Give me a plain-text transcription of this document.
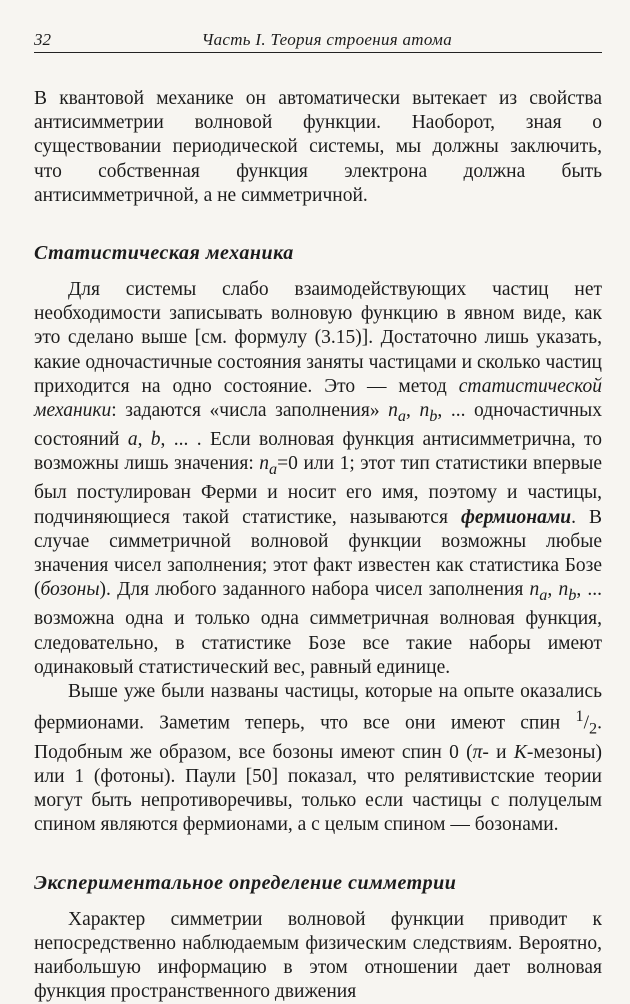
32	Часть I. Теория строения атома

В квантовой механике он автоматически вытекает из свойства антисимметрии волновой функции. Наоборот, зная о существовании периодической системы, мы должны заключить, что собственная функция электрона должна быть антисимметричной, а не симметричной.

Статистическая механика

Для системы слабо взаимодействующих частиц нет необходимости записывать волновую функцию в явном виде, как это сделано выше [см. формулу (3.15)]. Достаточно лишь указать, какие одночастичные состояния заняты частицами и сколько частиц приходится на одно состояние. Это — метод статистической механики: задаются «числа заполнения» $n_a$, $n_b$, ... одночастичных состояний a, b, ... . Если волновая функция антисимметрична, то возможны лишь значения: $n_a=0$ или 1; этот тип статистики впервые был постулирован Ферми и носит его имя, поэтому и частицы, подчиняющиеся такой статистике, называются фермионами. В случае симметричной волновой функции возможны любые значения чисел заполнения; этот факт известен как статистика Бозе (бозоны). Для любого заданного набора чисел заполнения $n_a$, $n_b$, ... возможна одна и только одна симметричная волновая функция, следовательно, в статистике Бозе все такие наборы имеют одинаковый статистический вес, равный единице.

Выше уже были названы частицы, которые на опыте оказались фермионами. Заметим теперь, что все они имеют спин $^1/_2$. Подобным же образом, все бозоны имеют спин 0 (π- и K-мезоны) или 1 (фотоны). Паули [50] показал, что релятивистские теории могут быть непротиворечивы, только если частицы с полуцелым спином являются фермионами, а с целым спином — бозонами.

Экспериментальное определение симметрии

Характер симметрии волновой функции приводит к непосредственно наблюдаемым физическим следствиям. Вероятно, наибольшую информацию в этом отношении дает волновая функция пространственного движения
